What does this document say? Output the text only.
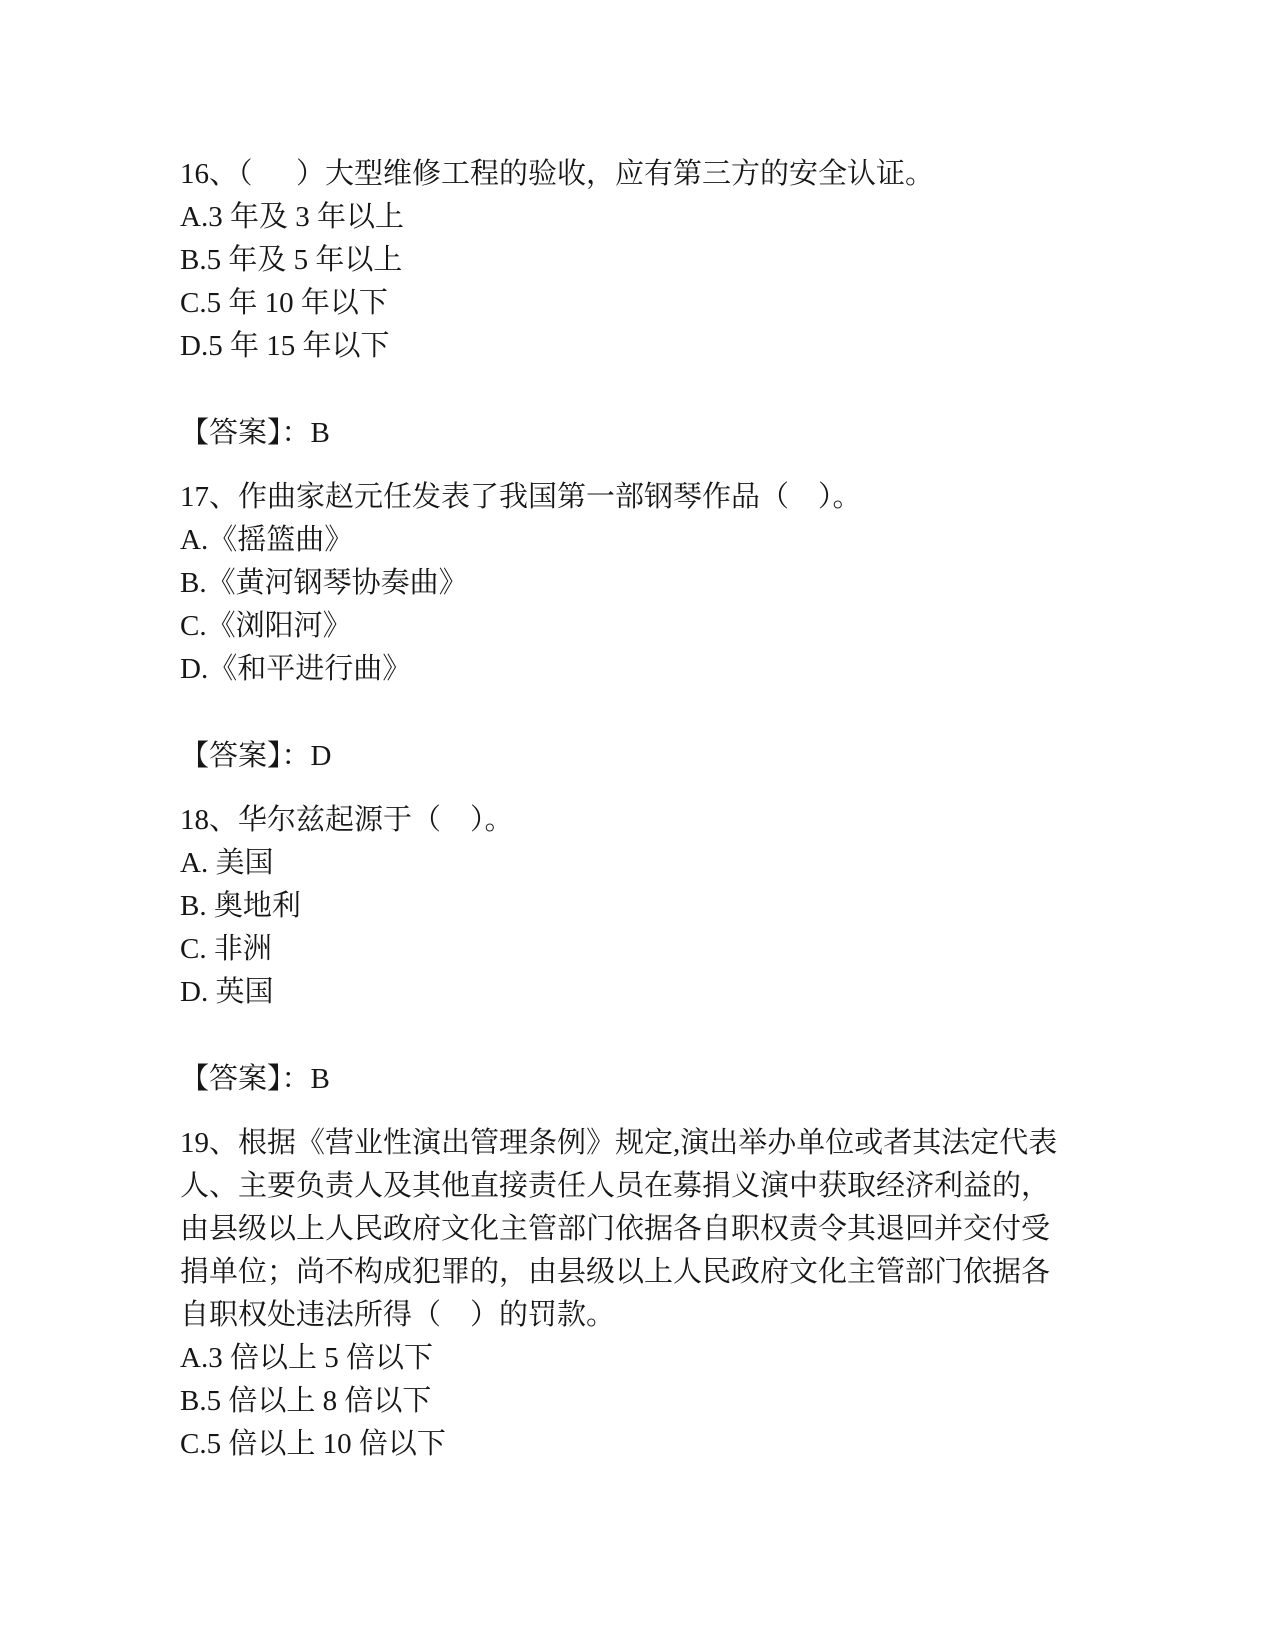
16、（      ）大型维修工程的验收，应有第三方的安全认证。
A.3 年及 3 年以上
B.5 年及 5 年以上
C.5 年 10 年以下
D.5 年 15 年以下
【答案】：B
17、作曲家赵元任发表了我国第一部钢琴作品（    ）。
A.《摇篮曲》
B.《黄河钢琴协奏曲》
C.《浏阳河》
D.《和平进行曲》
【答案】：D
18、华尔兹起源于（    ）。
A. 美国
B. 奥地利
C. 非洲
D. 英国
【答案】：B
19、根据《营业性演出管理条例》规定,演出举办单位或者其法定代表
人、主要负责人及其他直接责任人员在募捐义演中获取经济利益的，
由县级以上人民政府文化主管部门依据各自职权责令其退回并交付受
捐单位；尚不构成犯罪的，由县级以上人民政府文化主管部门依据各
自职权处违法所得（    ）的罚款。
A.3 倍以上 5 倍以下
B.5 倍以上 8 倍以下
C.5 倍以上 10 倍以下
